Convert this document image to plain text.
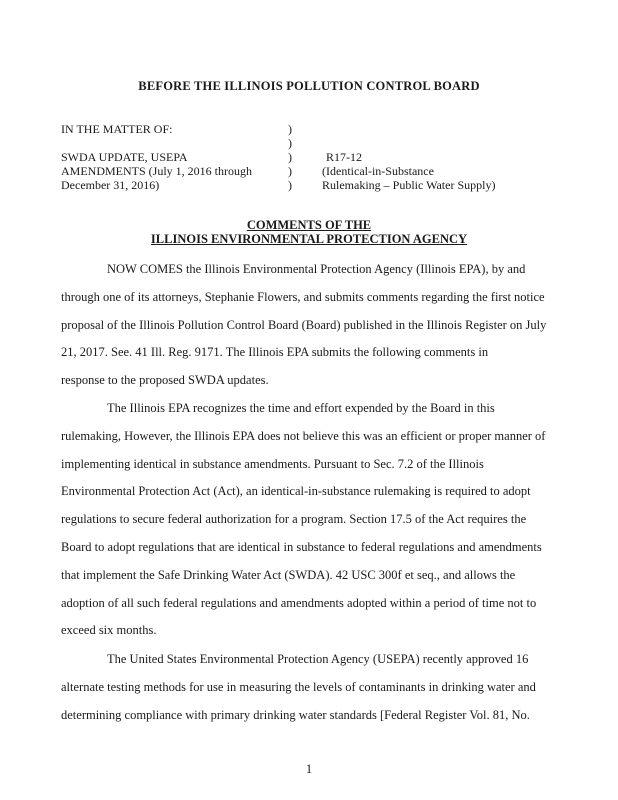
BEFORE THE ILLINOIS POLLUTION CONTROL BOARD
IN THE MATTER OF:
SWDA UPDATE, USEPA
AMENDMENTS (July 1, 2016 through
December 31, 2016)
)
)
)
)
)
R17-12
(Identical-in-Substance
Rulemaking – Public Water Supply)
COMMENTS OF THE
ILLINOIS ENVIRONMENTAL PROTECTION AGENCY
NOW COMES the Illinois Environmental Protection Agency (Illinois EPA), by and
through one of its attorneys, Stephanie Flowers, and submits comments regarding the first notice
proposal of the Illinois Pollution Control Board (Board) published in the Illinois Register on July
21, 2017. See. 41 Ill. Reg. 9171. The Illinois EPA submits the following comments in
response to the proposed SWDA updates.
The Illinois EPA recognizes the time and effort expended by the Board in this
rulemaking, However, the Illinois EPA does not believe this was an efficient or proper manner of
implementing identical in substance amendments. Pursuant to Sec. 7.2 of the Illinois
Environmental Protection Act (Act), an identical-in-substance rulemaking is required to adopt
regulations to secure federal authorization for a program. Section 17.5 of the Act requires the
Board to adopt regulations that are identical in substance to federal regulations and amendments
that implement the Safe Drinking Water Act (SWDA). 42 USC 300f et seq., and allows the
adoption of all such federal regulations and amendments adopted within a period of time not to
exceed six months.
The United States Environmental Protection Agency (USEPA) recently approved 16
alternate testing methods for use in measuring the levels of contaminants in drinking water and
determining compliance with primary drinking water standards [Federal Register Vol. 81, No.
1
